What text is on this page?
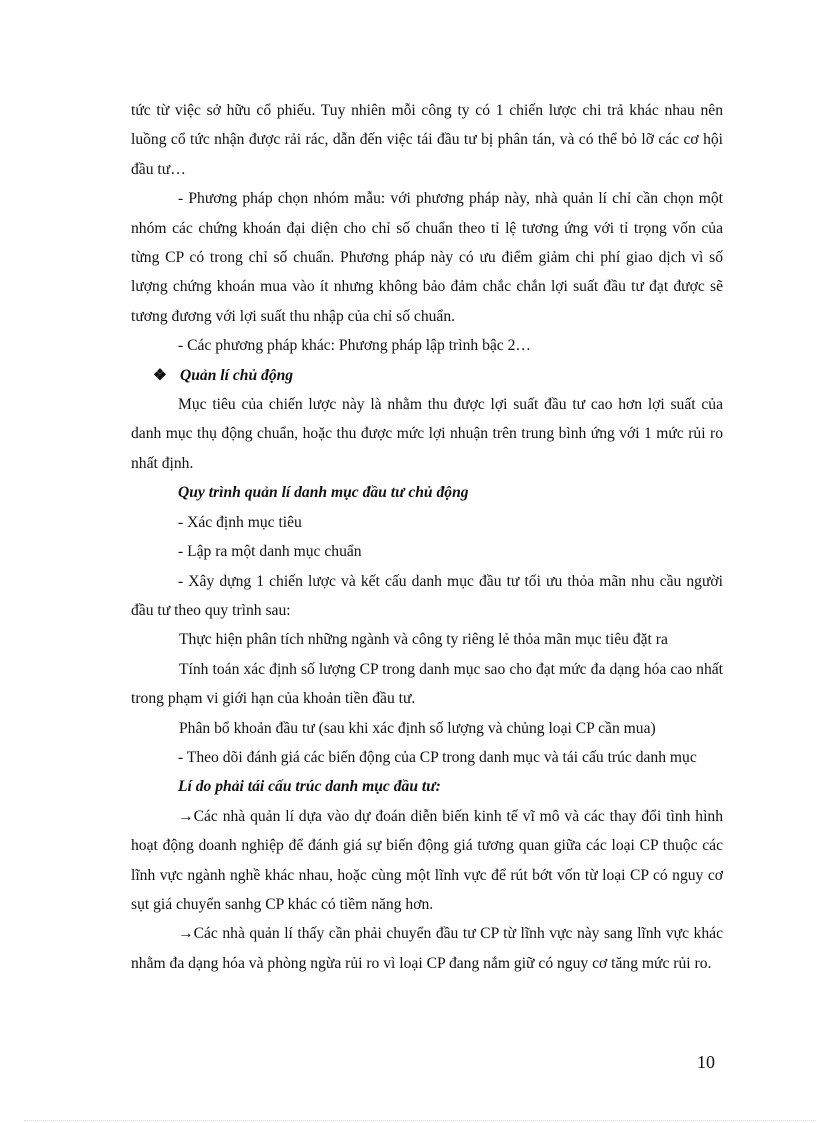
tức từ việc sở hữu cổ phiếu. Tuy nhiên mỗi công ty có 1 chiến lược chi trả khác nhau nên luồng cổ tức nhận được rải rác, dẫn đến việc tái đầu tư bị phân tán, và có thể bỏ lỡ các cơ hội đầu tư…

- Phương pháp chọn nhóm mẫu: với phương pháp này, nhà quản lí chỉ cần chọn một nhóm các chứng khoán đại diện cho chỉ số chuẩn theo tỉ lệ tương ứng với tỉ trọng vốn của từng CP có trong chỉ số chuẩn. Phương pháp này có ưu điểm giảm chi phí giao dịch vì số lượng chứng khoán mua vào ít nhưng không bảo đảm chắc chắn lợi suất đầu tư đạt được sẽ tương đương với lợi suất thu nhập của chỉ số chuẩn.

- Các phương pháp khác: Phương pháp lập trình bậc 2…

❖ Quản lí chủ động

Mục tiêu của chiến lược này là nhằm thu được lợi suất đầu tư cao hơn lợi suất của danh mục thụ động chuẩn, hoặc thu được mức lợi nhuận trên trung bình ứng với 1 mức rủi ro nhất định.

Quy trình quản lí danh mục đầu tư chủ động

- Xác định mục tiêu

- Lập ra một danh mục chuẩn

- Xây dựng 1 chiến lược và kết cấu danh mục đầu tư tối ưu thỏa mãn nhu cầu người đầu tư theo quy trình sau:

Thực hiện phân tích những ngành và công ty riêng lẻ thỏa mãn mục tiêu đặt ra

Tính toán xác định số lượng CP trong danh mục sao cho đạt mức đa dạng hóa cao nhất trong phạm vi giới hạn của khoản tiền đầu tư.

Phân bổ khoản đầu tư (sau khi xác định số lượng và chủng loại CP cần mua)

- Theo dõi đánh giá các biến động của CP trong danh mục và tái cấu trúc danh mục

Lí do phải tái cấu trúc danh mục đầu tư:

→Các nhà quản lí dựa vào dự đoán diễn biến kinh tế vĩ mô và các thay đổi tình hình hoạt động doanh nghiệp để đánh giá sự biến động giá tương quan giữa các loại CP thuộc các lĩnh vực ngành nghề khác nhau, hoặc cùng một lĩnh vực để rút bớt vốn từ loại CP có nguy cơ sụt giá chuyển sanhg CP khác có tiềm năng hơn.

→Các nhà quản lí thấy cần phải chuyển đầu tư CP từ lĩnh vực này sang lĩnh vực khác nhằm đa dạng hóa và phòng ngừa rủi ro vì loại CP đang nắm giữ có nguy cơ tăng mức rủi ro.

10
